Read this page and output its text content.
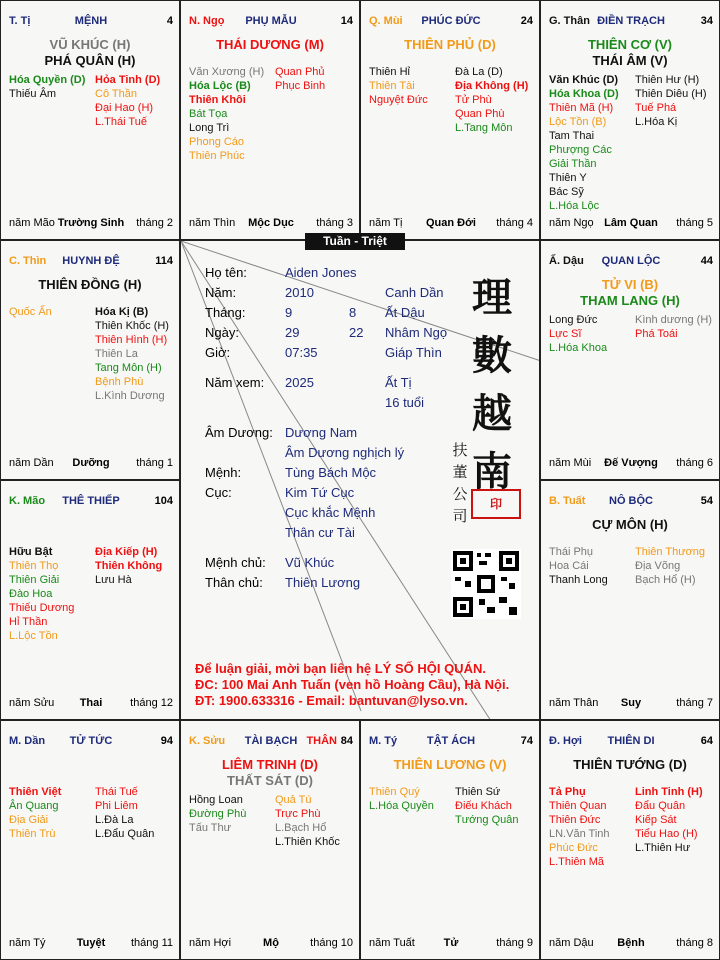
T. Tị	MỆNH	4
VŨ KHÚC (H)
PHÁ QUÂN (H)
Hóa Quyền (D)
Thiếu Âm
Hỏa Tinh (D)
Cô Thần
Đại Hao (H)
L.Thái Tuế
năm Mão Trường Sinh	tháng 2
N. Ngọ	PHỤ MẪU	14
THÁI DƯƠNG (M)
Văn Xương (H)
Hóa Lộc (B)
Thiên Khôi
Bát Tọa
Long Trì
Phong Cáo
Thiên Phúc
Quan Phủ
Phục Binh
năm Thìn	Mộc Dục	tháng 3
Q. Mùi	PHÚC ĐỨC	24
THIÊN PHỦ (D)
Thiên Hỉ
Thiên Tài
Nguyệt Đức
Đà La (D)
Địa Không (H)
Tử Phù
Quan Phù
L.Tang Môn
năm Tị	Quan Đới	tháng 4
G. Thân ĐIỀN TRẠCH	34
THIÊN CƠ (V)
THÁI ÂM (V)
Văn Khúc (D)
Hóa Khoa (D)
Thiên Mã (H)
Lộc Tồn (B)
Tam Thai
Phượng Các
Giải Thần
Thiên Y
Bác Sỹ
L.Hóa Lộc
Thiên Hư (H)
Thiên Diêu (H)
Tuế Phá
L.Hóa Kị
năm Ngọ Lâm Quan	tháng 5
C. Thìn	HUYNH ĐỆ	114
THIÊN ĐỒNG (H)
Quốc Ấn	Hóa Kị (B)
Thiên Khốc (H)
Thiên Hình (H)
Thiên La
Tang Môn (H)
Bệnh Phù
L.Kình Dương
năm Dần	Dưỡng	tháng 1
Ấ. Dậu	QUAN LỘC	44
TỬ VI (B)
THAM LANG (H)
Long Đức
Lực Sĩ
L.Hóa Khoa
Kình dương (H)
Phá Toái
năm Mùi	Đế Vượng	tháng 6
K. Mão	THÊ THIẾP	104
Hữu Bật
Thiên Thọ
Thiên Giải
Đào Hoa
Thiếu Dương
Hỉ Thần
L.Lộc Tồn
Địa Kiếp (H)
Thiên Không
Lưu Hà
năm Sửu	Thai	tháng 12
B. Tuất	NÔ BỘC	54
CỰ MÔN (H)
Thái Phụ
Hoa Cái
Thanh Long
Thiên Thương
Địa Võng
Bạch Hổ (H)
năm Thân	Suy	tháng 7
M. Dần	TỬ TỨC	94
Thiên Việt
Ân Quang
Địa Giải
Thiên Trù
Thái Tuế
Phi Liêm
L.Đà La
L.Đẩu Quân
năm Tý	Tuyệt	tháng 11
K. Sửu	TÀI BẠCH	84
THÂN
LIÊM TRINH (D)
THẤT SÁT (D)
Hồng Loan
Đường Phù
Tấu Thư
Quả Tú
Trực Phù
L.Bạch Hổ
L.Thiên Khốc
năm Hợi	Mộ	tháng 10
M. Tý	TẬT ÁCH	74
THIÊN LƯƠNG (V)
Thiên Quý
L.Hóa Quyền
Thiên Sứ
Điếu Khách
Tướng Quân
năm Tuất	Tử	tháng 9
Đ. Hợi	THIÊN DI	64
THIÊN TƯỚNG (D)
Tả Phụ
Thiên Quan
Thiên Đức
LN.Văn Tinh
Phúc Đức
L.Thiên Mã
Linh Tinh (H)
Đẩu Quân
Kiếp Sát
Tiểu Hao (H)
L.Thiên Hư
năm Dậu	Bệnh	tháng 8
Họ tên:	Aiden Jones
Năm:	2010	Canh Dần
Tháng:	9	8 Ất Dậu
Ngày:	29	22 Nhâm Ngọ
Giờ:	07:35	Giáp Thìn
Năm xem: 2025	Ất Tị
16 tuổi
Âm Dương: Dương Nam
Âm Dương nghịch lý
Mệnh:	Tùng Bách Mộc
Cục:	Kim Tứ Cục
Cục khắc Mệnh
Thân cư Tài
Mệnh chủ: Vũ Khúc
Thân chủ: Thiên Lương
理
數
越
南
扶
董
公
司
印
Để luận giải, mời bạn liên hệ LÝ SỐ HỘI QUÁN.
ĐC: 100 Mai Anh Tuấn (ven hồ Hoàng Cầu), Hà Nội.
ĐT: 1900.633316 - Email: bantuvan@lyso.vn.
Tuần - Triệt
